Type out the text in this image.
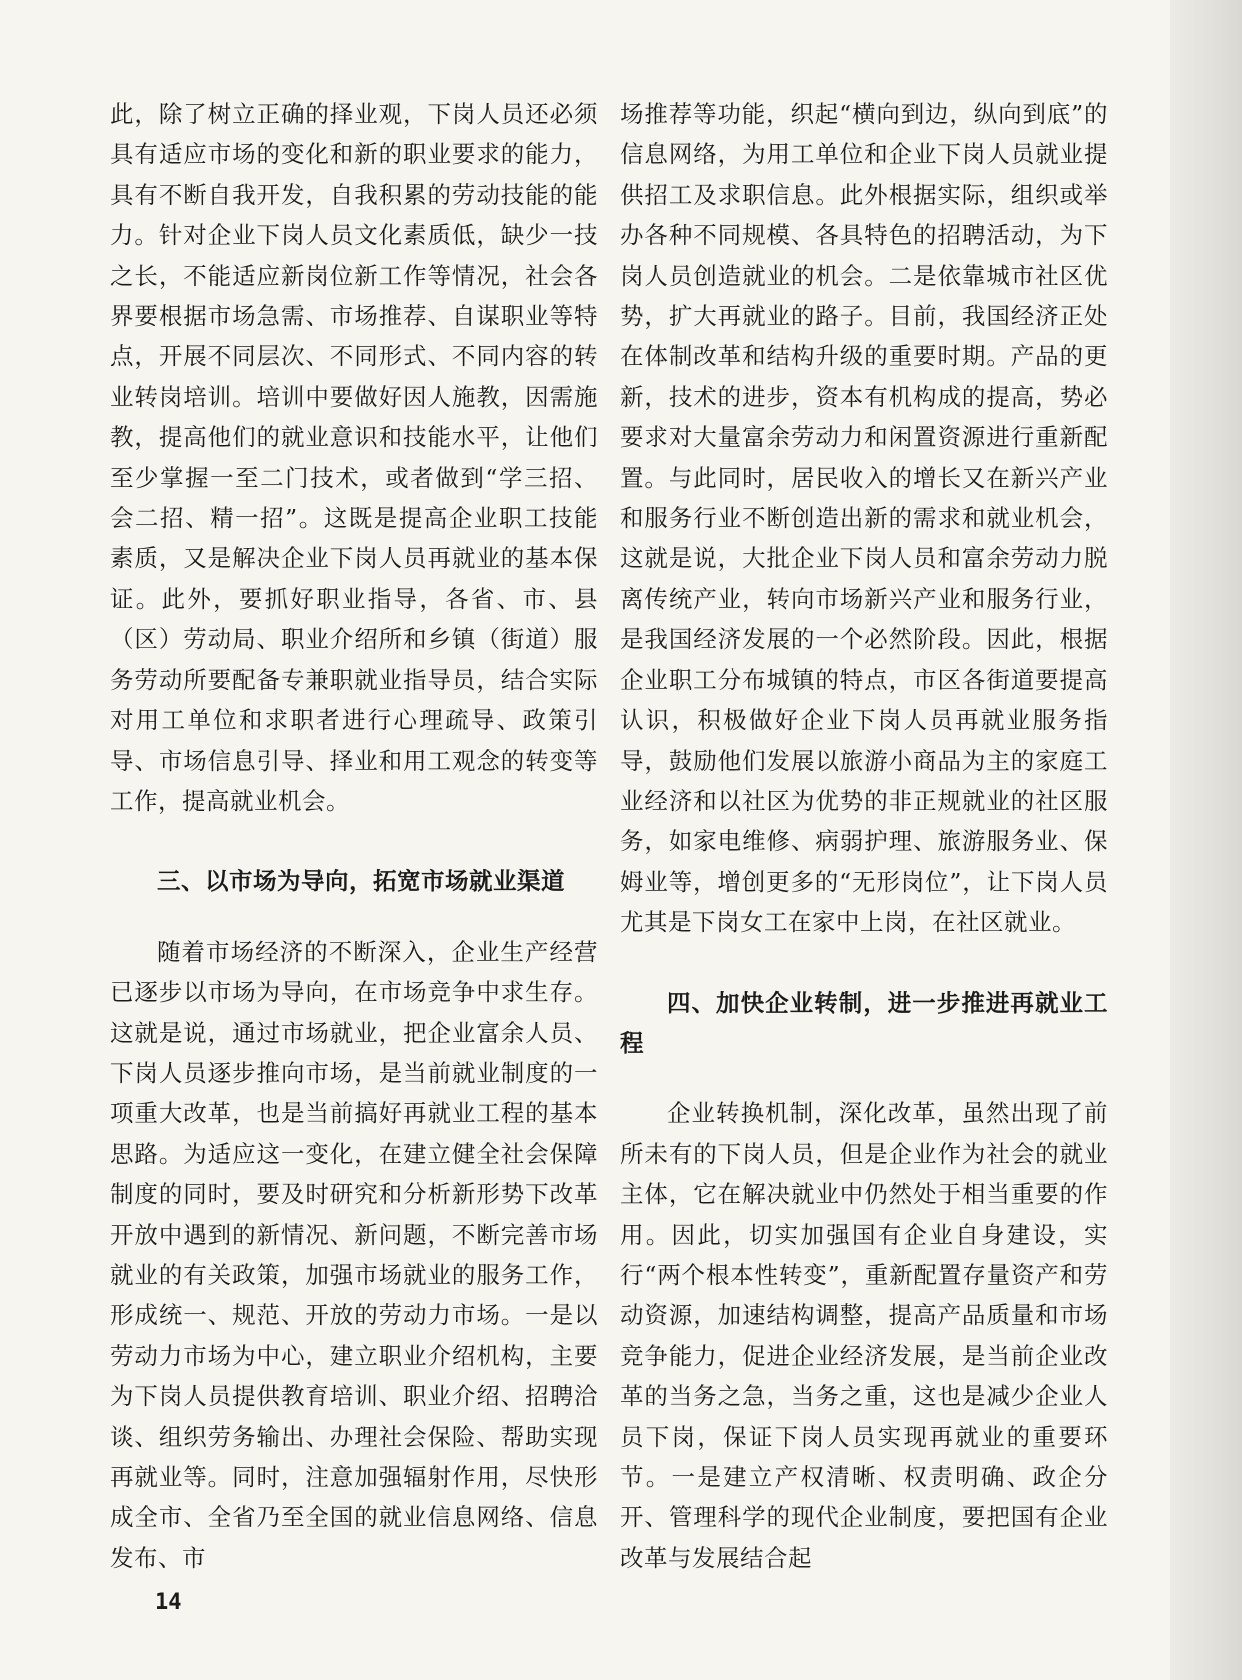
此，除了树立正确的择业观，下岗人员还必须具有适应市场的变化和新的职业要求的能力，具有不断自我开发，自我积累的劳动技能的能力。针对企业下岗人员文化素质低，缺少一技之长，不能适应新岗位新工作等情况，社会各界要根据市场急需、市场推荐、自谋职业等特点，开展不同层次、不同形式、不同内容的转业转岗培训。培训中要做好因人施教，因需施教，提高他们的就业意识和技能水平，让他们至少掌握一至二门技术，或者做到“学三招、会二招、精一招”。这既是提高企业职工技能素质，又是解决企业下岗人员再就业的基本保证。此外，要抓好职业指导，各省、市、县（区）劳动局、职业介绍所和乡镇（街道）服务劳动所要配备专兼职就业指导员，结合实际对用工单位和求职者进行心理疏导、政策引导、市场信息引导、择业和用工观念的转变等工作，提高就业机会。

三、以市场为导向，拓宽市场就业渠道

随着市场经济的不断深入，企业生产经营已逐步以市场为导向，在市场竞争中求生存。这就是说，通过市场就业，把企业富余人员、下岗人员逐步推向市场，是当前就业制度的一项重大改革，也是当前搞好再就业工程的基本思路。为适应这一变化，在建立健全社会保障制度的同时，要及时研究和分析新形势下改革开放中遇到的新情况、新问题，不断完善市场就业的有关政策，加强市场就业的服务工作，形成统一、规范、开放的劳动力市场。一是以劳动力市场为中心，建立职业介绍机构，主要为下岗人员提供教育培训、职业介绍、招聘洽谈、组织劳务输出、办理社会保险、帮助实现再就业等。同时，注意加强辐射作用，尽快形成全市、全省乃至全国的就业信息网络、信息发布、市

场推荐等功能，织起“横向到边，纵向到底”的信息网络，为用工单位和企业下岗人员就业提供招工及求职信息。此外根据实际，组织或举办各种不同规模、各具特色的招聘活动，为下岗人员创造就业的机会。二是依靠城市社区优势，扩大再就业的路子。目前，我国经济正处在体制改革和结构升级的重要时期。产品的更新，技术的进步，资本有机构成的提高，势必要求对大量富余劳动力和闲置资源进行重新配置。与此同时，居民收入的增长又在新兴产业和服务行业不断创造出新的需求和就业机会，这就是说，大批企业下岗人员和富余劳动力脱离传统产业，转向市场新兴产业和服务行业，是我国经济发展的一个必然阶段。因此，根据企业职工分布城镇的特点，市区各街道要提高认识，积极做好企业下岗人员再就业服务指导，鼓励他们发展以旅游小商品为主的家庭工业经济和以社区为优势的非正规就业的社区服务，如家电维修、病弱护理、旅游服务业、保姆业等，增创更多的“无形岗位”，让下岗人员尤其是下岗女工在家中上岗，在社区就业。

四、加快企业转制，进一步推进再就业工程

企业转换机制，深化改革，虽然出现了前所未有的下岗人员，但是企业作为社会的就业主体，它在解决就业中仍然处于相当重要的作用。因此，切实加强国有企业自身建设，实行“两个根本性转变”，重新配置存量资产和劳动资源，加速结构调整，提高产品质量和市场竞争能力，促进企业经济发展，是当前企业改革的当务之急，当务之重，这也是减少企业人员下岗，保证下岗人员实现再就业的重要环节。一是建立产权清晰、权责明确、政企分开、管理科学的现代企业制度，要把国有企业改革与发展结合起

14
